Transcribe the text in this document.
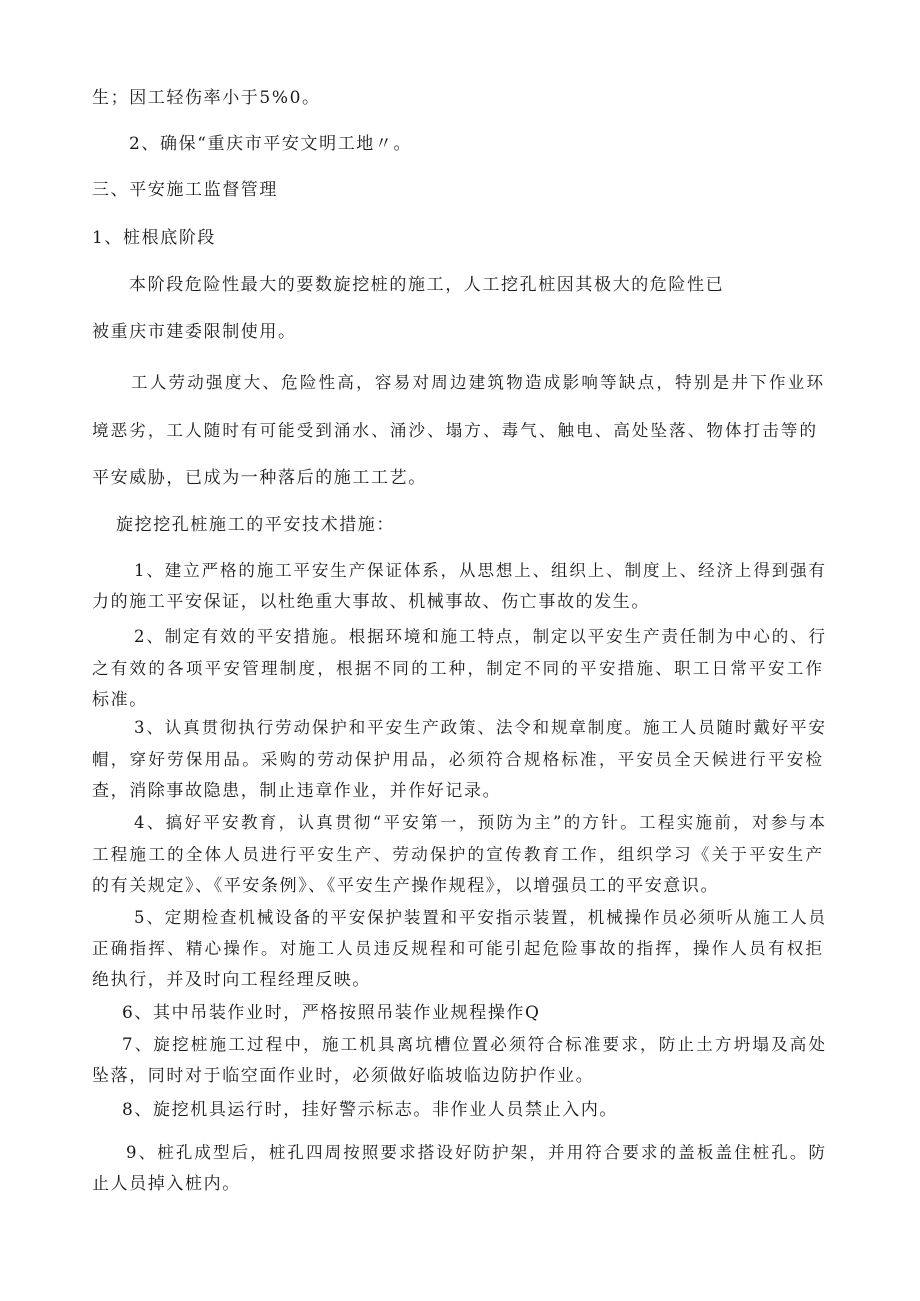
生；因工轻伤率小于5%0。
2、确保“重庆市平安文明工地〃。
三、平安施工监督管理
1、桩根底阶段
本阶段危险性最大的要数旋挖桩的施工，人工挖孔桩因其极大的危险性已
被重庆市建委限制使用。
工人劳动强度大、危险性高，容易对周边建筑物造成影响等缺点，特别是井下作业环
境恶劣，工人随时有可能受到涌水、涌沙、塌方、毒气、触电、高处坠落、物体打击等的
平安威胁，已成为一种落后的施工工艺。
旋挖挖孔桩施工的平安技术措施：
1、建立严格的施工平安生产保证体系，从思想上、组织上、制度上、经济上得到强有
力的施工平安保证，以杜绝重大事故、机械事故、伤亡事故的发生。
2、制定有效的平安措施。根据环境和施工特点，制定以平安生产责任制为中心的、行
之有效的各项平安管理制度，根据不同的工种，制定不同的平安措施、职工日常平安工作
标准。
3、认真贯彻执行劳动保护和平安生产政策、法令和规章制度。施工人员随时戴好平安
帽，穿好劳保用品。采购的劳动保护用品，必须符合规格标准，平安员全天候进行平安检
查，消除事故隐患，制止违章作业，并作好记录。
4、搞好平安教育，认真贯彻“平安第一，预防为主”的方针。工程实施前，对参与本
工程施工的全体人员进行平安生产、劳动保护的宣传教育工作，组织学习《关于平安生产
的有关规定》、《平安条例》、《平安生产操作规程》，以增强员工的平安意识。
5、定期检查机械设备的平安保护装置和平安指示装置，机械操作员必须听从施工人员
正确指挥、精心操作。对施工人员违反规程和可能引起危险事故的指挥，操作人员有权拒
绝执行，并及时向工程经理反映。
6、其中吊装作业时，严格按照吊装作业规程操作Q
7、旋挖桩施工过程中，施工机具离坑槽位置必须符合标准要求，防止土方坍塌及高处
坠落，同时对于临空面作业时，必须做好临坡临边防护作业。
8、旋挖机具运行时，挂好警示标志。非作业人员禁止入内。
9、桩孔成型后，桩孔四周按照要求搭设好防护架，并用符合要求的盖板盖住桩孔。防
止人员掉入桩内。
